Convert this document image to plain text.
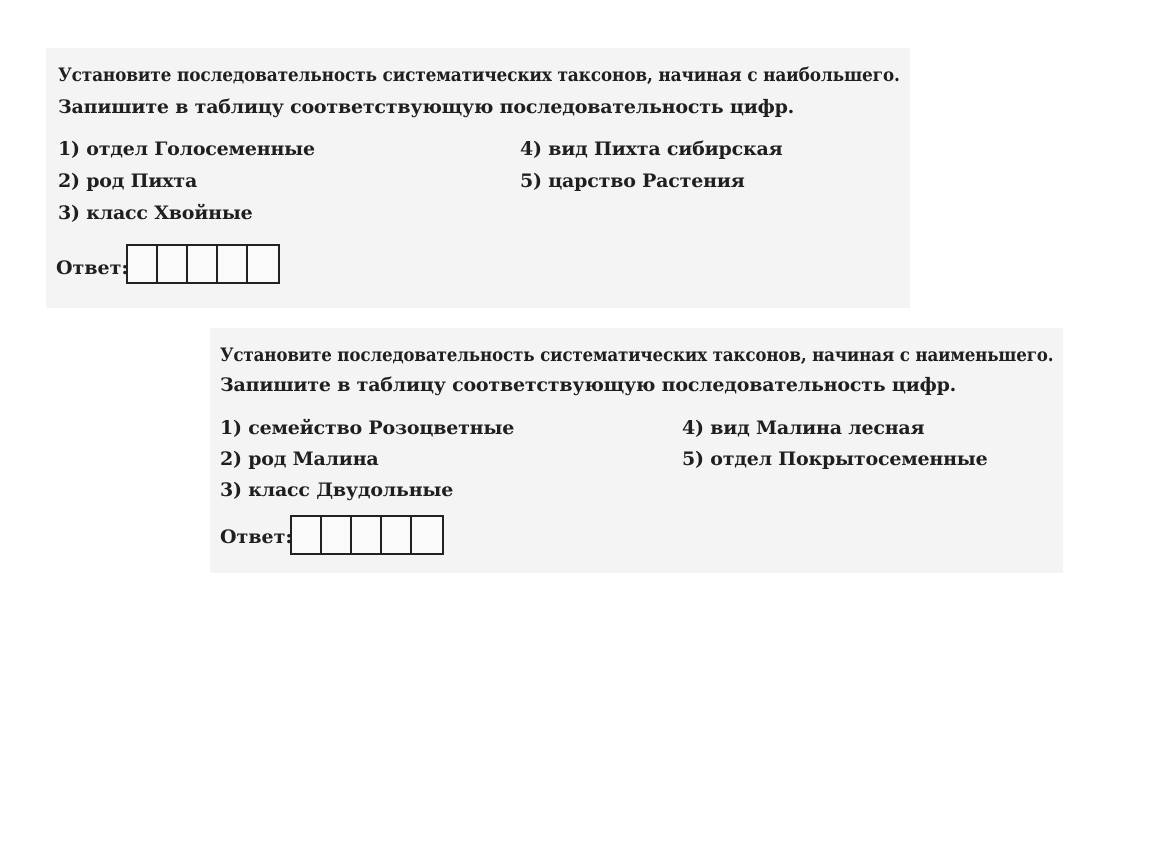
Установите последовательность систематических таксонов, начиная с наибольшего.
Запишите в таблицу соответствующую последовательность цифр.
1) отдел Голосеменные
2) род Пихта
3) класс Хвойные
4) вид Пихта сибирская
5) царство Растения
Ответ:
Установите последовательность систематических таксонов, начиная с наименьшего.
Запишите в таблицу соответствующую последовательность цифр.
1) семейство Розоцветные
2) род Малина
3) класс Двудольные
4) вид Малина лесная
5) отдел Покрытосеменные
Ответ:
